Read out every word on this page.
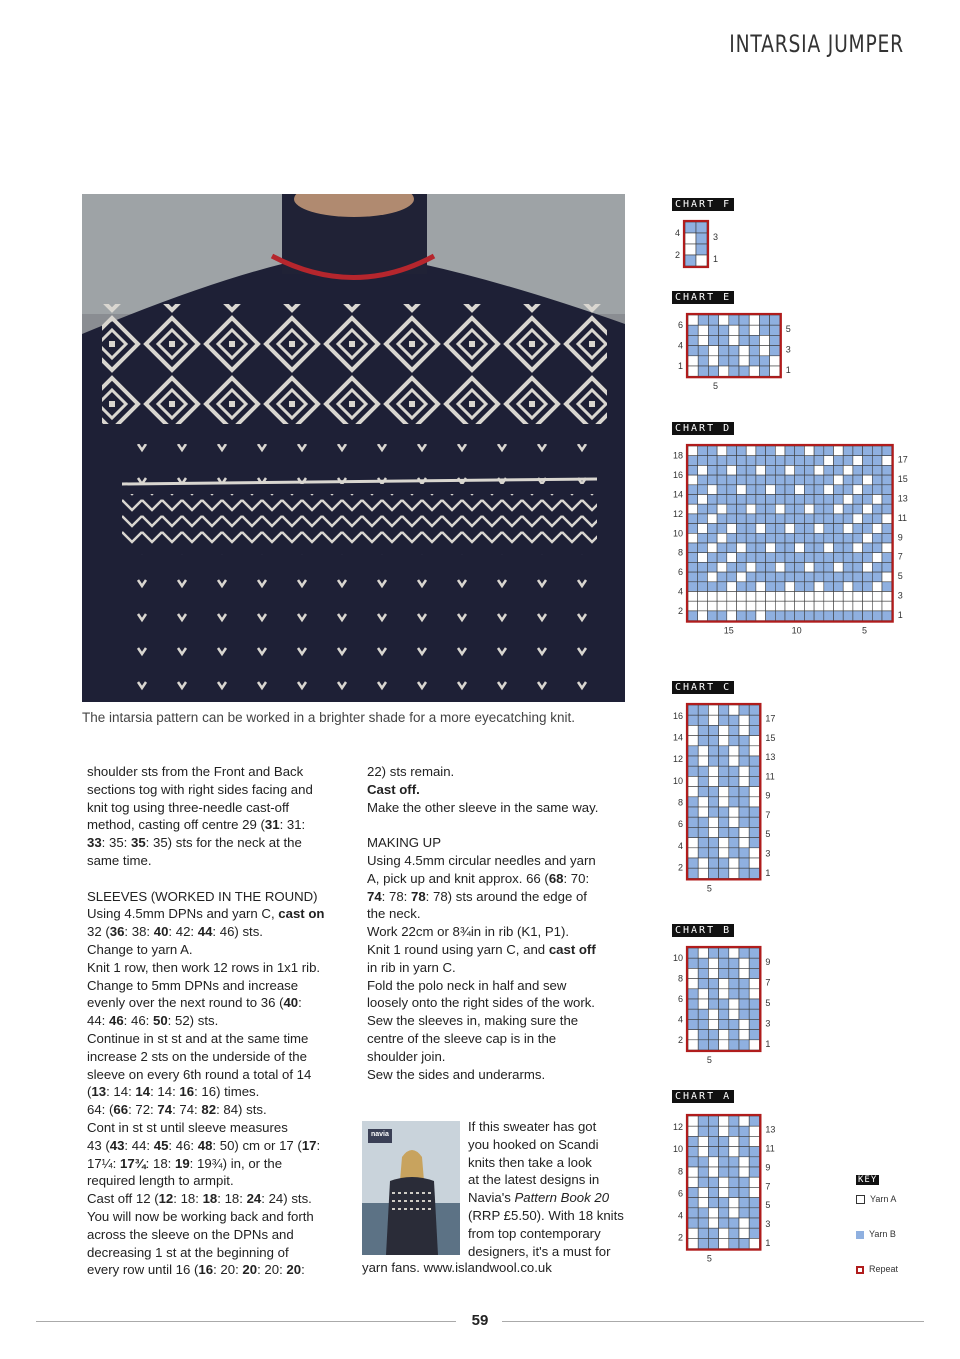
INTARSIA JUMPER
The intarsia pattern can be worked in a brighter shade for a more eyecatching knit.

shoulder sts from the Front and Back
sections tog with right sides facing and
knit tog using three-needle cast-off
method, casting off centre 29 (31: 31:
33: 35: 35: 35) sts for the neck at the
same time.

SLEEVES (WORKED IN THE ROUND)

Using 4.5mm DPNs and yarn C, cast on
32 (36: 38: 40: 42: 44: 46) sts.
Change to yarn A.
Knit 1 row, then work 12 rows in 1x1 rib.
Change to 5mm DPNs and increase
evenly over the next round to 36 (40:
44: 46: 46: 50: 52) sts.
Continue in st st and at the same time
increase 2 sts on the underside of the
sleeve on every 6th round a total of 14
(13: 14: 14: 14: 16: 16) times.
64: (66: 72: 74: 74: 82: 84) sts.
Cont in st st until sleeve measures
43 (43: 44: 45: 46: 48: 50) cm or 17 (17:
17¼: 17¾: 18: 19: 19¾) in, or the
required length to armpit.
Cast off 12 (12: 18: 18: 18: 24: 24) sts.
You will now be working back and forth
across the sleeve on the DPNs and
decreasing 1 st at the beginning of
every row until 16 (16: 20: 20: 20: 20:

22) sts remain.
Cast off.
Make the other sleeve in the same way.

MAKING UP

Using 4.5mm circular needles and yarn
A, pick up and knit approx. 66 (68: 70:
74: 78: 78: 78) sts around the edge of
the neck.
Work 22cm or 8¾in in rib (K1, P1).
Knit 1 round using yarn C, and cast off
in rib in yarn C.
Fold the polo neck in half and sew
loosely onto the right sides of the work.
Sew the sleeves in, making sure the
centre of the sleeve cap is in the
shoulder join.
Sew the sides and underarms.

navia
If this sweater has got
you hooked on Scandi
knits then take a look
at the latest designs in
Navia's Pattern Book 20
(RRP £5.50). With 18 knits
from top contemporary
designers, it's a must for
yarn fans. www.islandwool.co.uk
CHART F
CHART E
CHART D
CHART C
CHART B
CHART A
4
2
3
1
6
4
1
5
3
1
5
18
16
14
12
10
8
6
4
2
17
15
13
11
9
7
5
3
1
15	10	5
16
14
12
10
8
6
4
2
17
15
13
11
9
7
5
3
1
5
10
8
6
4
2
9
7
5
3
1
5
12
10
8
6
4
2
13
11
9
7
5
3
1
5
KEY
Yarn A
Yarn B
Repeat
59
